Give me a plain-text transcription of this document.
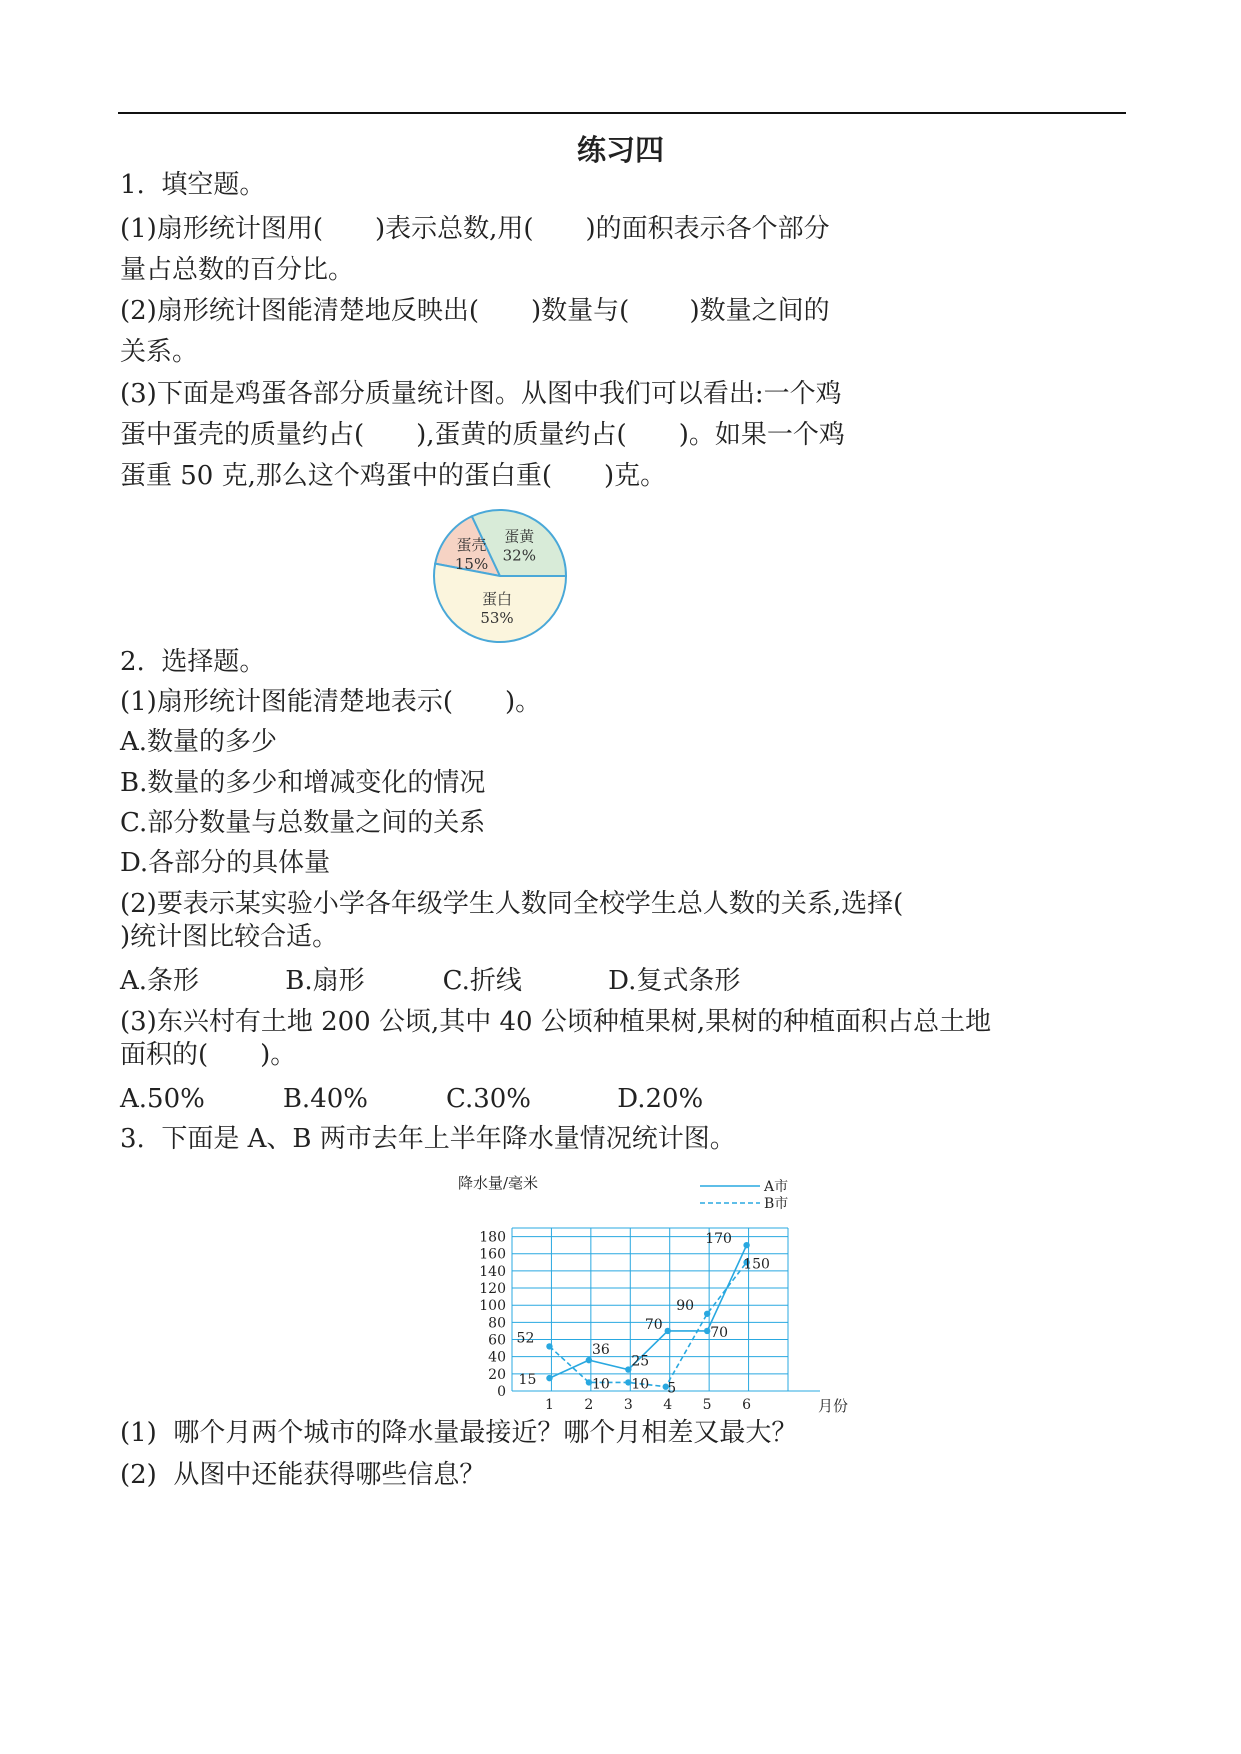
练习四
1.  填空题。
(1)扇形统计图用(　　)表示总数,用(　　)的面积表示各个部分
量占总数的百分比。
(2)扇形统计图能清楚地反映出(　　)数量与(　　 )数量之间的
关系。
(3)下面是鸡蛋各部分质量统计图。从图中我们可以看出:一个鸡
蛋中蛋壳的质量约占(　　),蛋黄的质量约占(　　)。如果一个鸡
蛋重 50 克,那么这个鸡蛋中的蛋白重(　　)克。
蛋壳
15%
蛋黄
32%
蛋白
53%
2.  选择题。
(1)扇形统计图能清楚地表示(　　)。
A.数量的多少
B.数量的多少和增减变化的情况
C.部分数量与总数量之间的关系
D.各部分的具体量
(2)要表示某实验小学各年级学生人数同全校学生总人数的关系,选择(
)统计图比较合适。
A.条形　　　 B.扇形　　　C.折线　　　 D.复式条形
(3)东兴村有土地 200 公顷,其中 40 公顷种植果树,果树的种植面积占总土地
面积的(　　)。
A.50%　　　B.40%　　　C.30%　　　 D.20%
3.  下面是 A、B 两市去年上半年降水量情况统计图。
0
20
40
60
80
100
120
140
160
180
1 2 3 4 5 6
降水量/毫米
月份
A市
B市
15
36
25
70	70
170
52
10 10 5
90
150
(1)  哪个月两个城市的降水量最接近？哪个月相差又最大？
(2)  从图中还能获得哪些信息？
